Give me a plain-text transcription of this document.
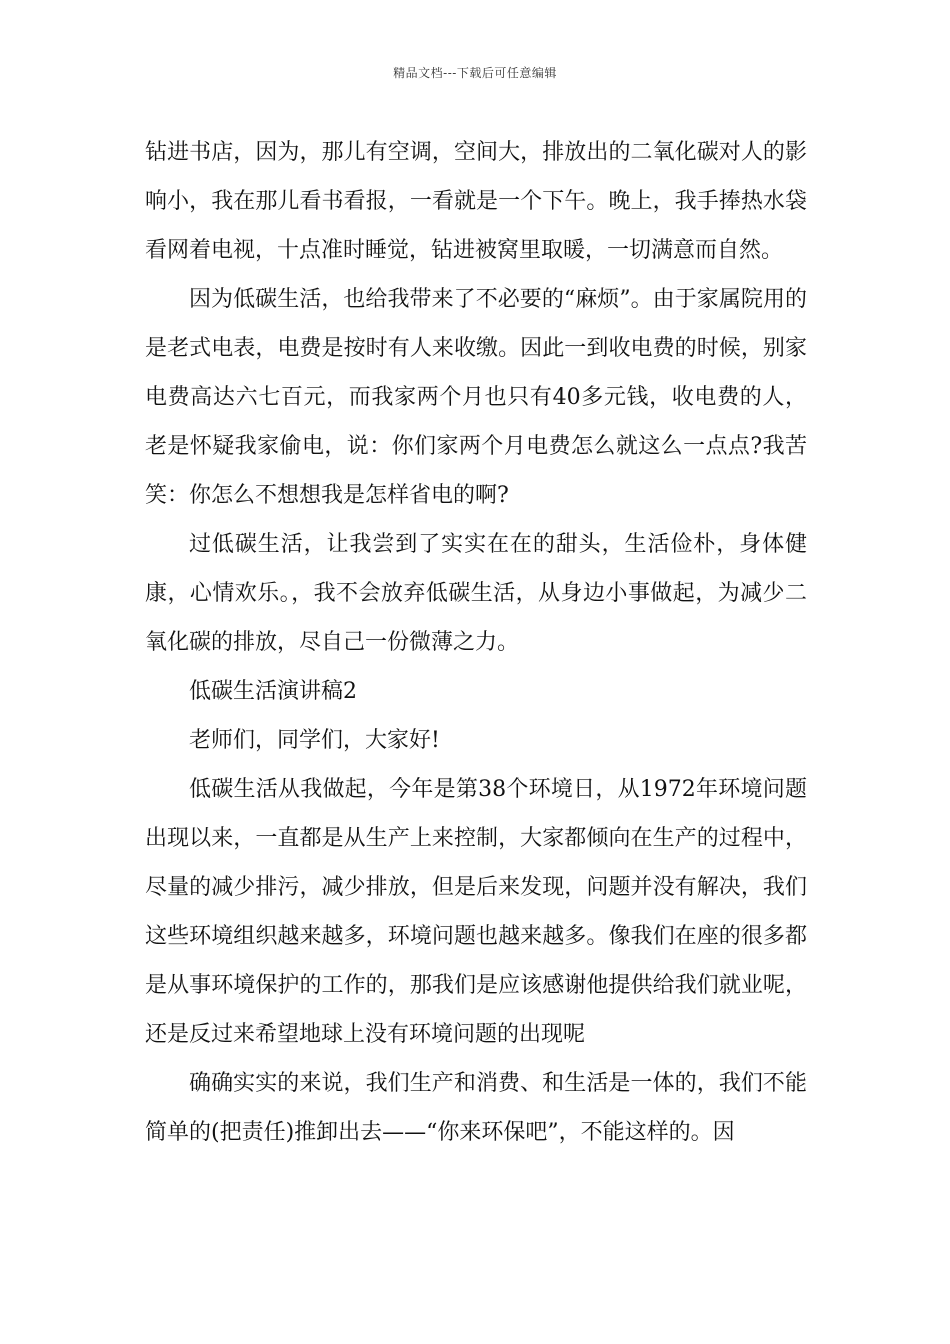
精品文档---下载后可任意编辑

钻进书店，因为，那儿有空调，空间大，排放出的二氧化碳对人的影响小，我在那儿看书看报，一看就是一个下午。晚上，我手捧热水袋看网着电视，十点准时睡觉，钻进被窝里取暖，一切满意而自然。

因为低碳生活，也给我带来了不必要的“麻烦”。由于家属院用的是老式电表，电费是按时有人来收缴。因此一到收电费的时候，别家电费高达六七百元，而我家两个月也只有40多元钱，收电费的人，老是怀疑我家偷电，说：你们家两个月电费怎么就这么一点点?我苦笑：你怎么不想想我是怎样省电的啊?

过低碳生活，让我尝到了实实在在的甜头，生活俭朴，身体健康，心情欢乐。，我不会放弃低碳生活，从身边小事做起，为减少二氧化碳的排放，尽自己一份微薄之力。

低碳生活演讲稿2

老师们，同学们，大家好!

低碳生活从我做起，今年是第38个环境日，从1972年环境问题出现以来，一直都是从生产上来控制，大家都倾向在生产的过程中，尽量的减少排污，减少排放，但是后来发现，问题并没有解决，我们这些环境组织越来越多，环境问题也越来越多。像我们在座的很多都是从事环境保护的工作的，那我们是应该感谢他提供给我们就业呢，还是反过来希望地球上没有环境问题的出现呢

确确实实的来说，我们生产和消费、和生活是一体的，我们不能简单的(把责任)推卸出去——“你来环保吧”，不能这样的。因
